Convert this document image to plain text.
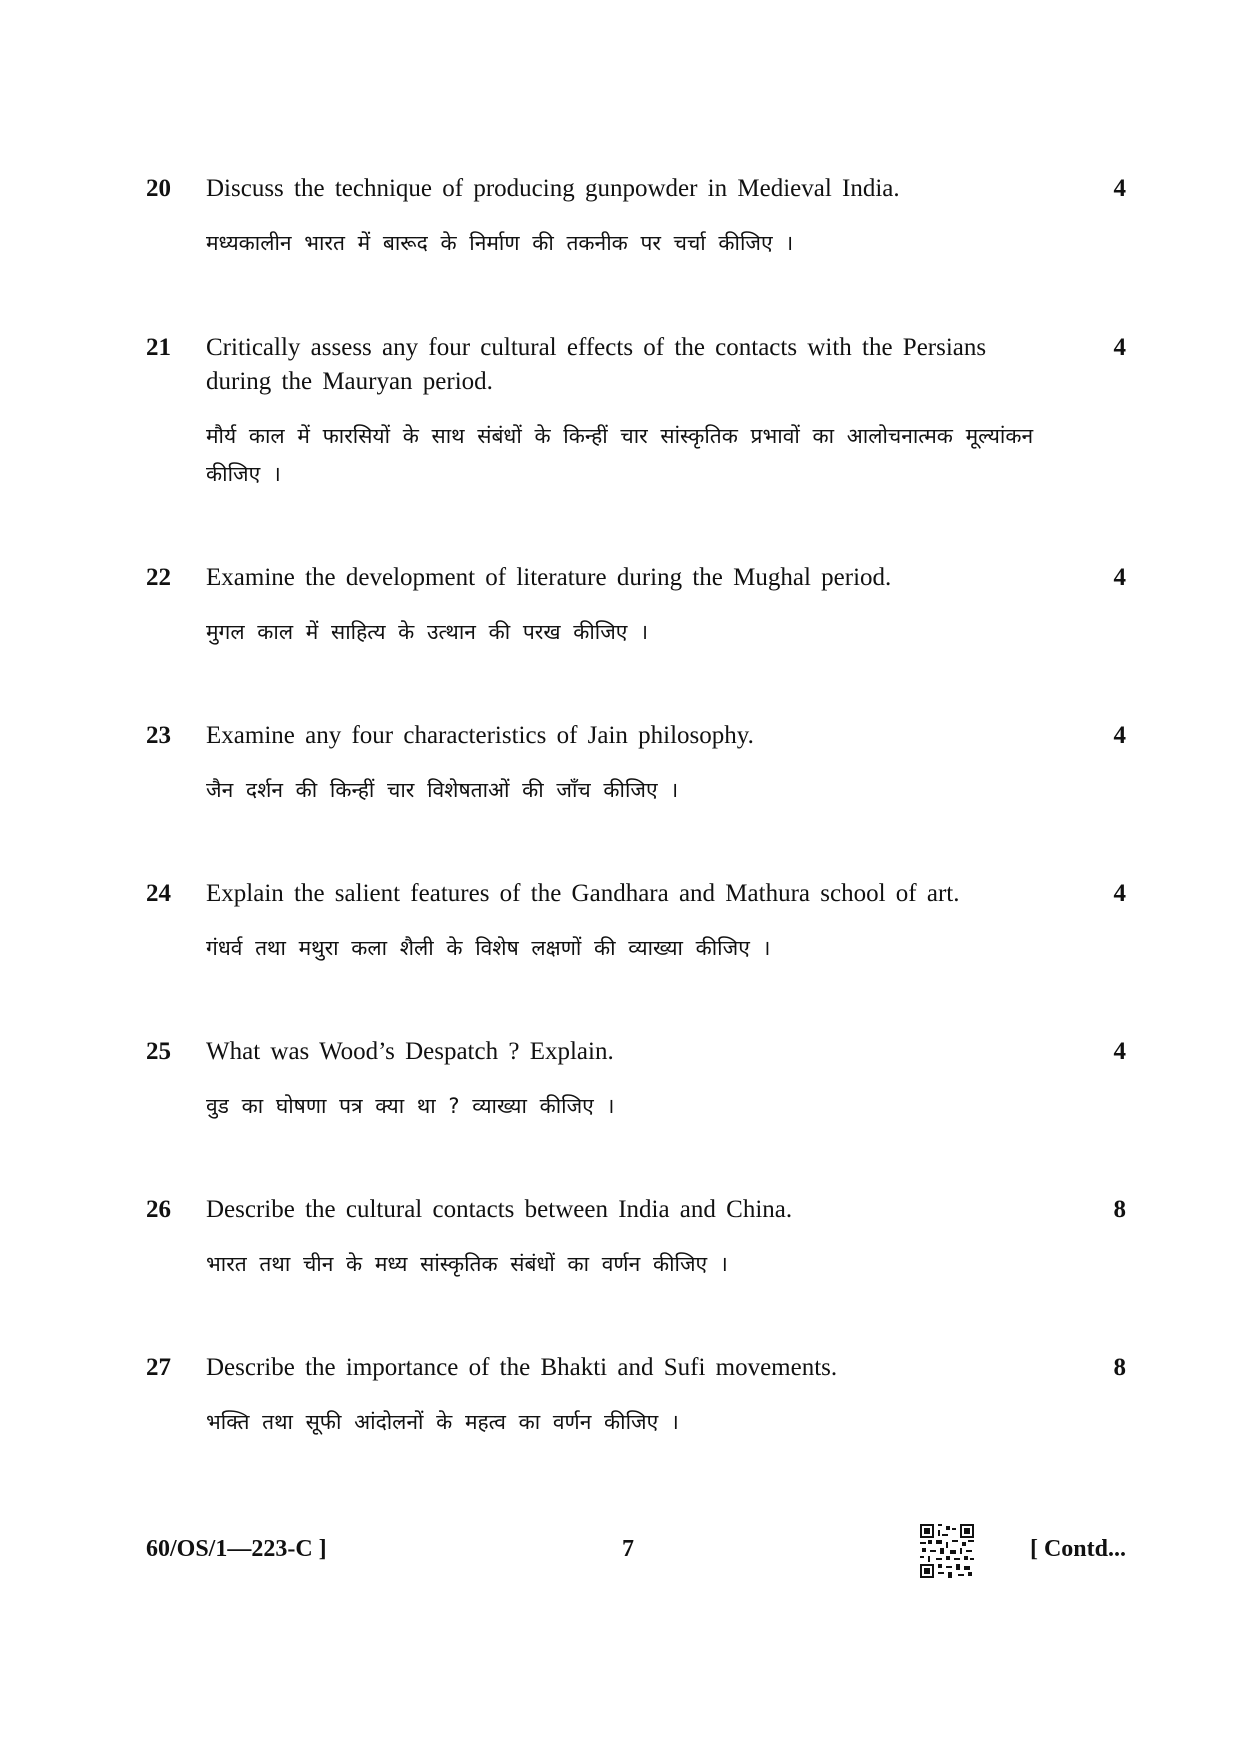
20 Discuss the technique of producing gunpowder in Medieval India.
मध्यकालीन भारत में बारूद के निर्माण की तकनीक पर चर्चा कीजिए ।
4
21 Critically assess any four cultural effects of the contacts with the Persians during the Mauryan period.
मौर्य काल में फारसियों के साथ संबंधों के किन्हीं चार सांस्कृतिक प्रभावों का आलोचनात्मक मूल्यांकन कीजिए ।
4
22 Examine the development of literature during the Mughal period.
मुगल काल में साहित्य के उत्थान की परख कीजिए ।
4
23 Examine any four characteristics of Jain philosophy.
जैन दर्शन की किन्हीं चार विशेषताओं की जाँच कीजिए ।
4
24 Explain the salient features of the Gandhara and Mathura school of art.
गंधर्व तथा मथुरा कला शैली के विशेष लक्षणों की व्याख्या कीजिए ।
4
25 What was Wood’s Despatch ? Explain.
वुड का घोषणा पत्र क्या था ? व्याख्या कीजिए ।
4
26 Describe the cultural contacts between India and China.
भारत तथा चीन के मध्य सांस्कृतिक संबंधों का वर्णन कीजिए ।
8
27 Describe the importance of the Bhakti and Sufi movements.
भक्ति तथा सूफी आंदोलनों के महत्व का वर्णन कीजिए ।
8
60/OS/1—223-C ]	7	[ Contd...
